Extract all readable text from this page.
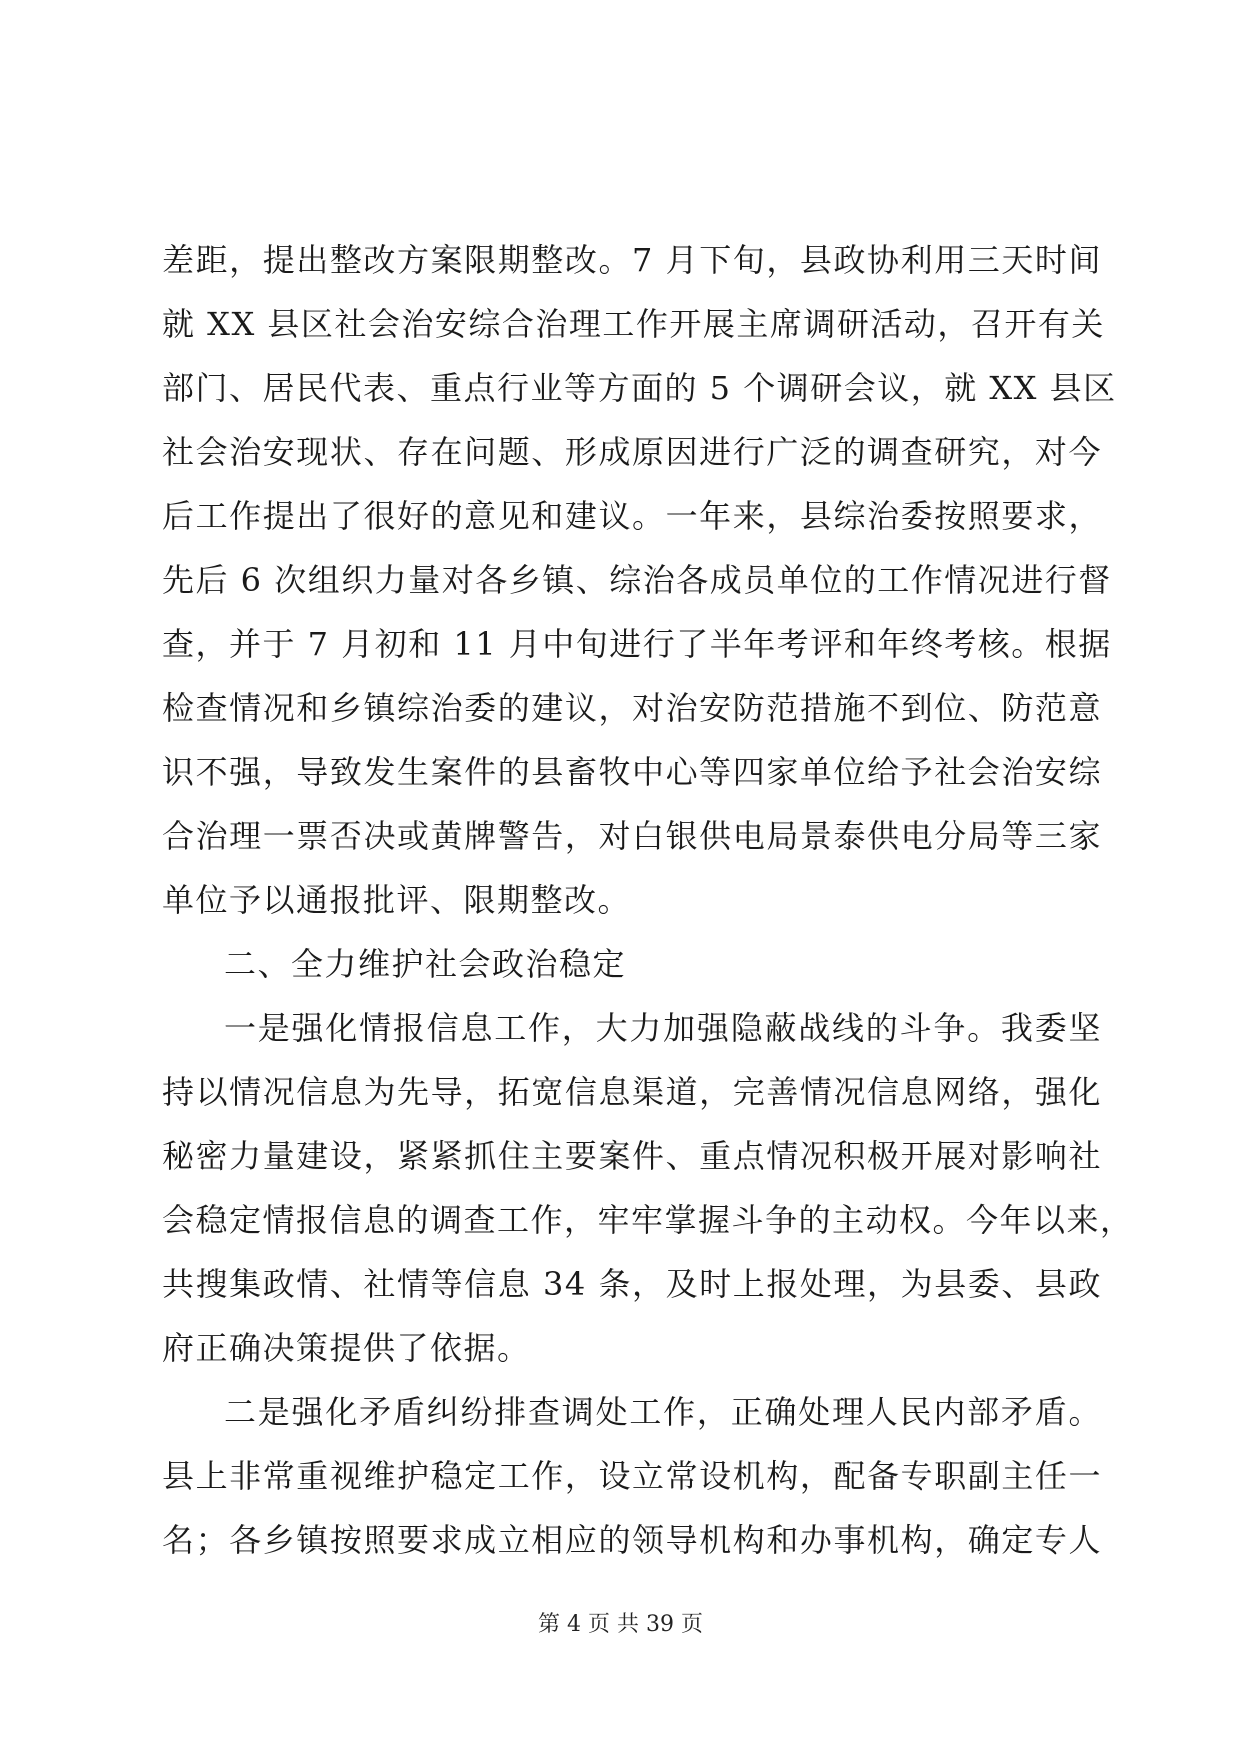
差距，提出整改方案限期整改。7 月下旬，县政协利用三天时间
就 XX 县区社会治安综合治理工作开展主席调研活动，召开有关
部门、居民代表、重点行业等方面的 5 个调研会议，就 XX 县区
社会治安现状、存在问题、形成原因进行广泛的调查研究，对今
后工作提出了很好的意见和建议。一年来，县综治委按照要求，
先后 6 次组织力量对各乡镇、综治各成员单位的工作情况进行督
查，并于 7 月初和 11 月中旬进行了半年考评和年终考核。根据
检查情况和乡镇综治委的建议，对治安防范措施不到位、防范意
识不强，导致发生案件的县畜牧中心等四家单位给予社会治安综
合治理一票否决或黄牌警告，对白银供电局景泰供电分局等三家
单位予以通报批评、限期整改。
二、全力维护社会政治稳定
一是强化情报信息工作，大力加强隐蔽战线的斗争。我委坚
持以情况信息为先导，拓宽信息渠道，完善情况信息网络，强化
秘密力量建设，紧紧抓住主要案件、重点情况积极开展对影响社
会稳定情报信息的调查工作，牢牢掌握斗争的主动权。今年以来，
共搜集政情、社情等信息 34 条，及时上报处理，为县委、县政
府正确决策提供了依据。
二是强化矛盾纠纷排查调处工作，正确处理人民内部矛盾。
县上非常重视维护稳定工作，设立常设机构，配备专职副主任一
名；各乡镇按照要求成立相应的领导机构和办事机构，确定专人
第 4 页 共 39 页
